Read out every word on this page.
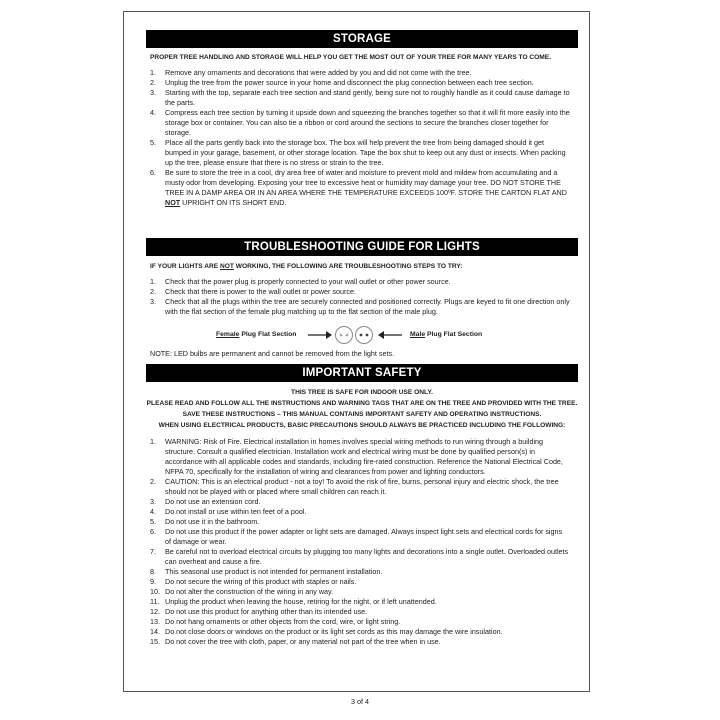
STORAGE
PROPER TREE HANDLING AND STORAGE WILL HELP YOU GET THE MOST OUT OF YOUR TREE FOR MANY YEARS TO COME.
1. Remove any ornaments and decorations that were added by you and did not come with the tree.
2. Unplug the tree from the power source in your home and disconnect the plug connection between each tree section.
3. Starting with the top, separate each tree section and stand gently, being sure not to roughly handle as it could cause damage to the parts.
4. Compress each tree section by turning it upside down and squeezing the branches together so that it will fit more easily into the storage box or container. You can also tie a ribbon or cord around the sections to secure the branches closer together for storage.
5. Place all the parts gently back into the storage box. The box will help prevent the tree from being damaged should it get bumped in your garage, basement, or other storage location. Tape the box shut to keep out any dust or insects. When packing up the tree, please ensure that there is no stress or strain to the tree.
6. Be sure to store the tree in a cool, dry area free of water and moisture to prevent mold and mildew from accumulating and a musty odor from developing. Exposing your tree to excessive heat or humidity may damage your tree. DO NOT STORE THE TREE IN A DAMP AREA OR IN AN AREA WHERE THE TEMPERATURE EXCEEDS 100ºF. STORE THE CARTON FLAT AND NOT UPRIGHT ON ITS SHORT END.
TROUBLESHOOTING GUIDE FOR LIGHTS
IF YOUR LIGHTS ARE NOT WORKING, THE FOLLOWING ARE TROUBLESHOOTING STEPS TO TRY:
1. Check that the power plug is properly connected to your wall outlet or other power source.
2. Check that there is power to the wall outlet or power source.
3. Check that all the plugs within the tree are securely connected and positioned correctly. Plugs are keyed to fit one direction only with the flat section of the female plug matching up to the flat section of the male plug.
Female Plug Flat Section	Male Plug Flat Section
NOTE: LED bulbs are permanent and cannot be removed from the light sets.
IMPORTANT SAFETY
THIS TREE IS SAFE FOR INDOOR USE ONLY.
PLEASE READ AND FOLLOW ALL THE INSTRUCTIONS AND WARNING TAGS THAT ARE ON THE TREE AND PROVIDED WITH THE TREE.
SAVE THESE INSTRUCTIONS – THIS MANUAL CONTAINS IMPORTANT SAFETY AND OPERATING INSTRUCTIONS.
WHEN USING ELECTRICAL PRODUCTS, BASIC PRECAUTIONS SHOULD ALWAYS BE PRACTICED INCLUDING THE FOLLOWING:
1. WARNING: Risk of Fire. Electrical installation in homes involves special wiring methods to run wiring through a building structure. Consult a qualified electrician. Installation work and electrical wiring must be done by qualified person(s) in accordance with all applicable codes and standards, including fire-rated construction. Reference the National Electrical Code, NFPA 70, specifically for the installation of wiring and clearances from power and lighting conductors.
2. CAUTION: This is an electrical product - not a toy! To avoid the risk of fire, burns, personal injury and electric shock, the tree should not be played with or placed where small children can reach it.
3. Do not use an extension cord.
4. Do not install or use within ten feet of a pool.
5. Do not use it in the bathroom.
6. Do not use this product if the power adapter or light sets are damaged. Always inspect light sets and electrical cords for signs of damage or wear.
7. Be careful not to overload electrical circuits by plugging too many lights and decorations into a single outlet. Overloaded outlets can overheat and cause a fire.
8. This seasonal use product is not intended for permanent installation.
9. Do not secure the wiring of this product with staples or nails.
10. Do not alter the construction of the wiring in any way.
11. Unplug the product when leaving the house, retiring for the night, or if left unattended.
12. Do not use this product for anything other than its intended use.
13. Do not hang ornaments or other objects from the cord, wire, or light string.
14. Do not close doors or windows on the product or its light set cords as this may damage the wire insulation.
15. Do not cover the tree with cloth, paper, or any material not part of the tree when in use.
3 of 4
